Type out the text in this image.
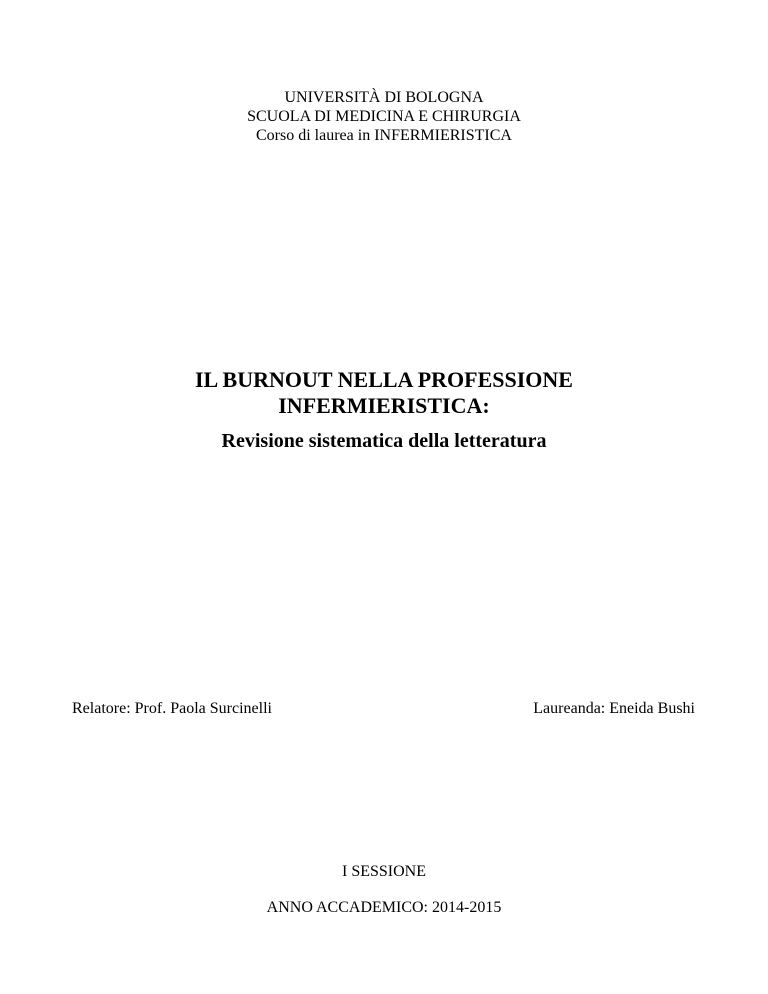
UNIVERSITÀ DI BOLOGNA
SCUOLA DI MEDICINA E CHIRURGIA
Corso di laurea in INFERMIERISTICA
IL BURNOUT NELLA PROFESSIONE
INFERMIERISTICA:
Revisione sistematica della letteratura
Relatore: Prof. Paola Surcinelli	Laureanda: Eneida Bushi
I SESSIONE
ANNO ACCADEMICO: 2014-2015
